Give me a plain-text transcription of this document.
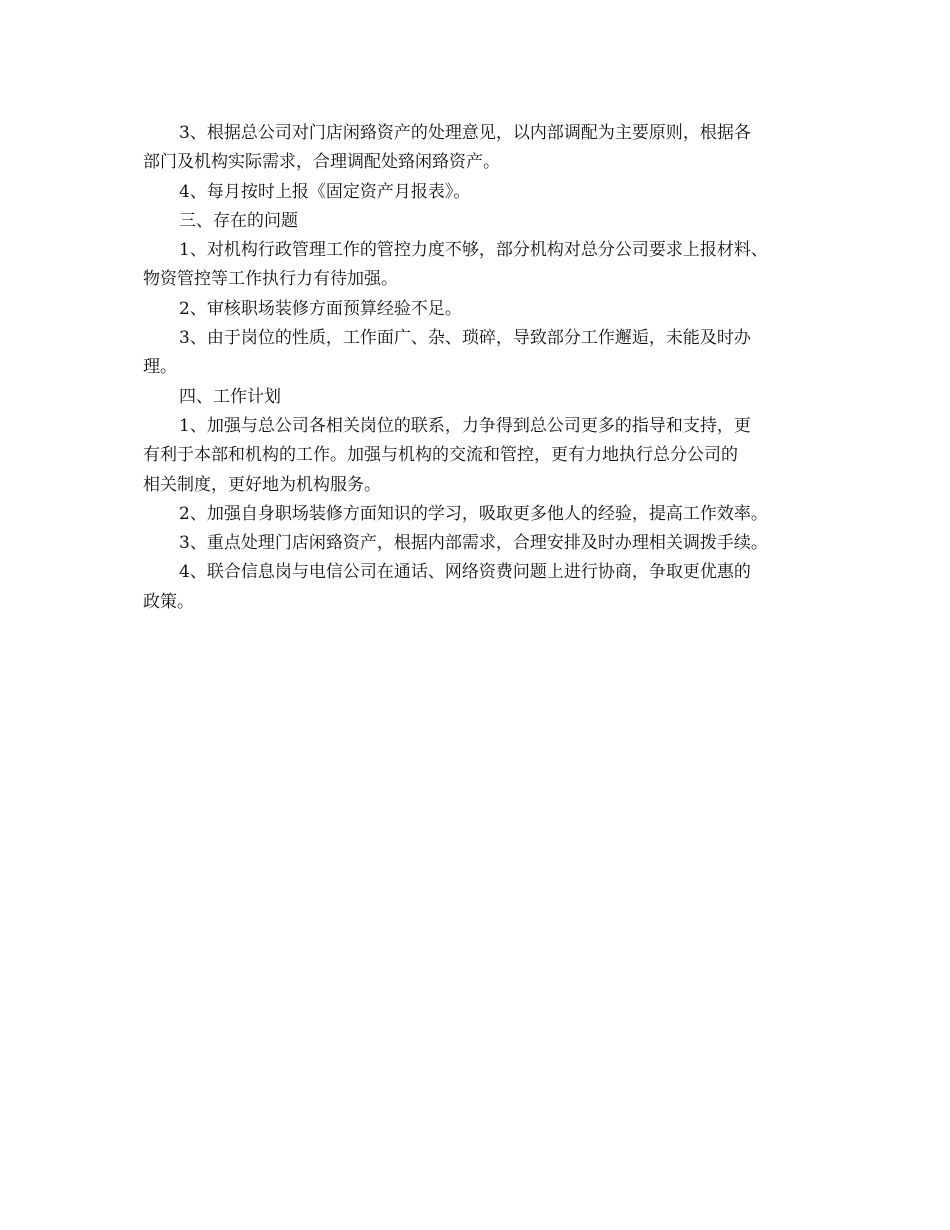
3、根据总公司对门店闲臵资产的处理意见，以内部调配为主要原则，根据各
部门及机构实际需求，合理调配处臵闲臵资产。
4、每月按时上报《固定资产月报表》。
三、存在的问题
1、对机构行政管理工作的管控力度不够，部分机构对总分公司要求上报材料、
物资管控等工作执行力有待加强。
2、审核职场装修方面预算经验不足。
3、由于岗位的性质，工作面广、杂、琐碎，导致部分工作邂逅，未能及时办
理。
四、工作计划
1、加强与总公司各相关岗位的联系，力争得到总公司更多的指导和支持，更
有利于本部和机构的工作。加强与机构的交流和管控，更有力地执行总分公司的
相关制度，更好地为机构服务。
2、加强自身职场装修方面知识的学习，吸取更多他人的经验，提高工作效率。
3、重点处理门店闲臵资产，根据内部需求，合理安排及时办理相关调拨手续。
4、联合信息岗与电信公司在通话、网络资费问题上进行协商，争取更优惠的
政策。
